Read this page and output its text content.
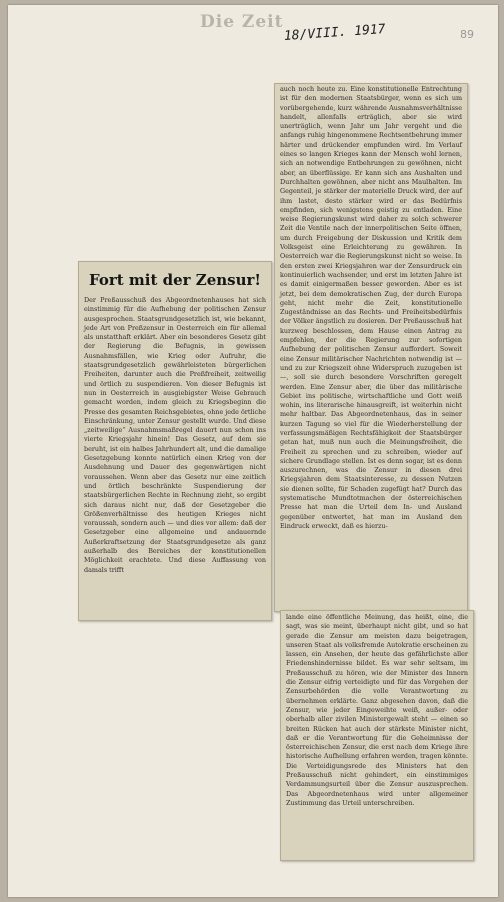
Die Zeit 18/VIII. 1917	89
Fort mit der Zensur!

Der Preßausschuß des Abgeordnetenhauses hat sich einstimmig für die Aufhebung der politischen Zensur ausgesprochen. Staatsgrundgesetzlich ist, wie bekannt, jede Art von Preßzensur in Oesterreich ein für allemal als unstatthaft erklärt. Aber ein besonderes Gesetz gibt der Regierung die Befugnis, in gewissen Ausnahmsfällen, wie Krieg oder Aufruhr, die staatsgrundgesetzlich gewährleisteten bürgerlichen Freiheiten, darunter auch die Preßfreiheit, zeitweilig und örtlich zu suspendieren. Von dieser Befugnis ist nun in Oesterreich in ausgiebigster Weise Gebrauch gemacht worden, indem gleich zu Kriegsbeginn die Presse des gesamten Reichsgebietes, ohne jede örtliche Einschränkung, unter Zensur gestellt wurde. Und diese „zeitweilige“ Ausnahmsmaßregel dauert nun schon ins vierte Kriegsjahr hinein! Das Gesetz, auf dem sie beruht, ist ein halbes Jahrhundert alt, und die damalige Gesetzgebung konnte natürlich einen Krieg von der Ausdehnung und Dauer des gegenwärtigen nicht voraussehen. Wenn aber das Gesetz nur eine zeitlich und örtlich beschränkte Suspendierung der staatsbürgerlichen Rechte in Rechnung zieht, so ergibt sich daraus nicht nur, daß der Gesetzgeber die Größenverhältnisse des heutigen Krieges nicht voraussah, sondern auch — und dies vor allem: daß der Gesetzgeber eine allgemeine und andauernde Außerkraftsetzung der Staatsgrundgesetze als ganz außerhalb des Bereiches der konstitutionellen Möglichkeit erachtete. Und diese Auffassung von damals trifft

auch noch heute zu. Eine konstitutionelle Entrechtung ist für den modernen Staatsbürger, wenn es sich um vorübergehende, kurz währende Ausnahmsverhältnisse handelt, allenfalls erträglich, aber sie wird unerträglich, wenn Jahr um Jahr vergeht und die anfangs ruhig hingenommene Rechtsentbehrung immer härter und drückender empfunden wird. Im Verlauf eines so langen Krieges kann der Mensch wohl lernen, sich an notwendige Entbehrungen zu gewöhnen, nicht aber, an überflüssige. Er kann sich ans Aushalten und Durchhalten gewöhnen, aber nicht ans Maulhalten. Im Gegenteil, je stärker der materielle Druck wird, der auf ihm lastet, desto stärker wird er das Bedürfnis empfinden, sich wenigstens geistig zu entladen. Eine weise Regierungskunst wird daher zu solch schwerer Zeit die Ventile nach der innerpolitischen Seite öffnen, um durch Freigebung der Diskussion und Kritik dem Volksgeist eine Erleichterung zu gewähren. In Oesterreich war die Regierungskunst nicht so weise. In den ersten zwei Kriegsjahren war der Zensurdruck ein kontinuierlich wachsender, und erst im letzten Jahre ist es damit einigermaßen besser geworden. Aber es ist jetzt, bei dem demokratischen Zug, der durch Europa geht, nicht mehr die Zeit, konstitutionelle Zugeständnisse an das Rechts- und Freiheitsbedürfnis der Völker ängstlich zu dosieren. Der Preßausschuß hat kurzweg beschlossen, dem Hause einen Antrag zu empfehlen, der die Regierung zur sofortigen Aufhebung der politischen Zensur auffordert. Soweit eine Zensur militärischer Nachrichten notwendig ist — und zu zur Kriegszeit ohne Widerspruch zuzugeben ist —, soll sie durch besondere Vorschriften geregelt werden. Eine Zensur aber, die über das militärische Gebiet ins politische, wirtschaftliche und Gott weiß wohin, ins literarische hinausgreift, ist weiterhin nicht mehr haltbar. Das Abgeordnetenhaus, das in seiner kurzen Tagung so viel für die Wiederherstellung der verfassungsmäßigen Rechtsfähigkeit der Staatsbürger getan hat, muß nun auch die Meinungsfreiheit, die Freiheit zu sprechen und zu schreiben, wieder auf sichere Grundlage stellen. Ist es denn sogar, ist es denn auszurechnen, was die Zensur in diesen drei Kriegsjahren dem Staatsinteresse, zu dessen Nutzen sie dienen sollte, für Schaden zugefügt hat? Durch das systematische Mundtotmachen der österreichischen Presse hat man die Urteil dem In- und Ausland gegenüber entwertet, hat man im Ausland den Eindruck erweckt, daß es hierzu-

lande eine öffentliche Meinung, das heißt, eine, die sagt, was sie meint, überhaupt nicht gibt, und so hat gerade die Zensur am meisten dazu beigetragen, unseren Staat als volksfremde Autokratie erscheinen zu lassen, ein Ansehen, der heute das gefährlichste aller Friedenshindernisse bildet. Es war sehr seltsam, im Preßausschuß zu hören, wie der Minister des Innern die Zensur eifrig verteidigte und für das Vorgehen der Zensurbehörden die volle Verantwortung zu übernehmen erklärte. Ganz abgesehen davon, daß die Zensur, wie jeder Eingeweihte weiß, außer- oder oberhalb aller zivilen Ministergewalt steht — einen so breiten Rücken hat auch der stärkste Minister nicht, daß er die Verantwortung für die Geheimnisse der österreichischen Zensur, die erst nach dem Kriege ihre historische Aufhellung erfahren werden, tragen könnte. Die Verteidigungsrede des Ministers hat den Preßausschuß nicht gehindert, ein einstimmiges Verdammungsurteil über die Zensur auszusprechen. Das Abgeordnetenhaus wird unter allgemeiner Zustimmung das Urteil unterschreiben.
